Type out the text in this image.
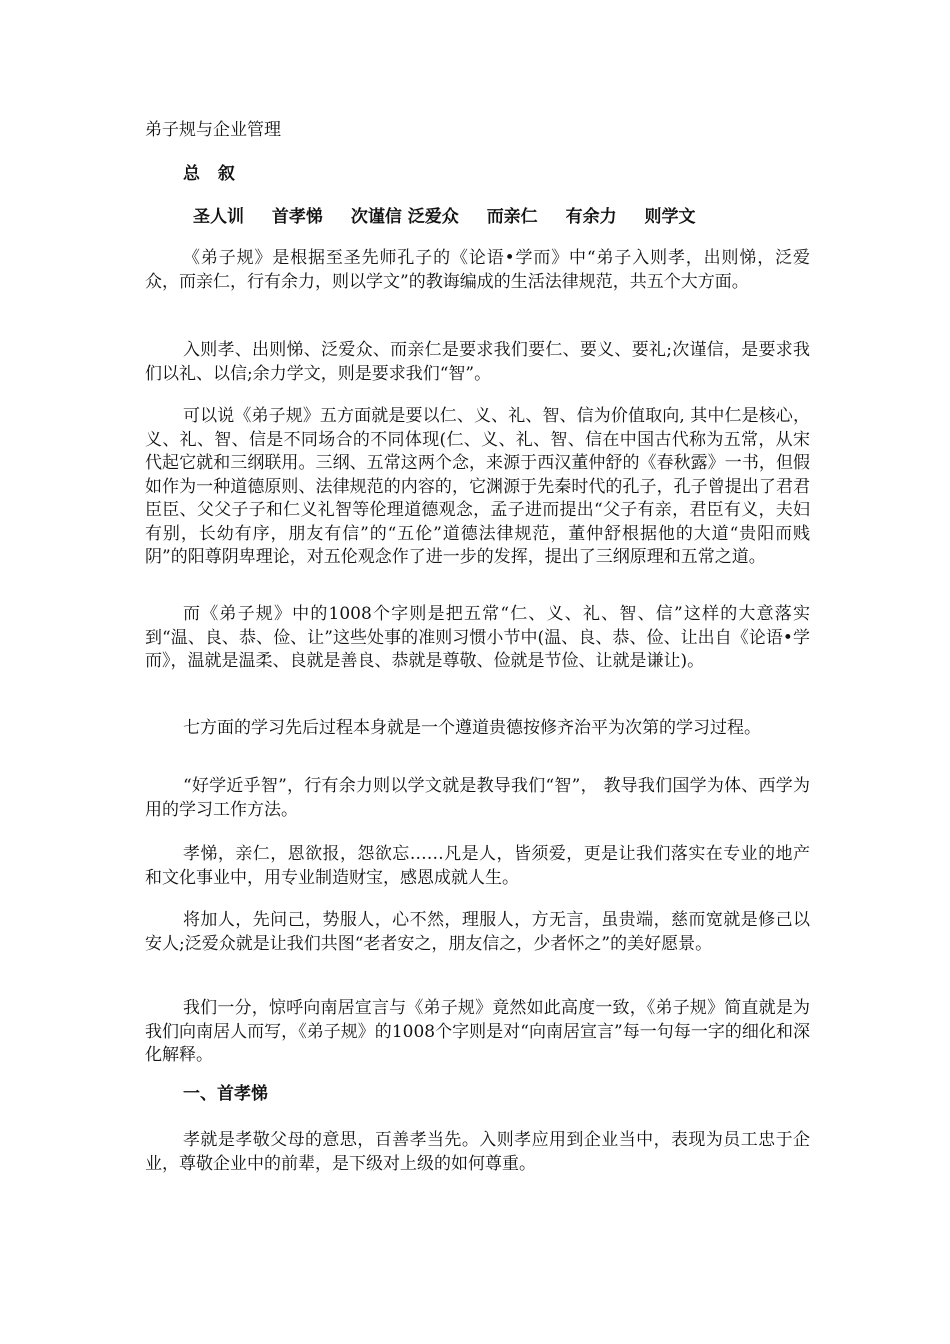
弟子规与企业管理
总 叙
圣人训 首孝悌 次谨信 泛爱众 而亲仁 有余力 则学文

《弟子规》是根据至圣先师孔子的《论语•学而》中“弟子入则孝，出则悌，泛爱众，而亲仁，行有余力，则以学文”的教诲编成的生活法律规范，共五个大方面。

入则孝、出则悌、泛爱众、而亲仁是要求我们要仁、要义、要礼;次谨信，是要求我们以礼、以信;余力学文，则是要求我们“智”。

可以说《弟子规》五方面就是要以仁、义、礼、智、信为价值取向, 其中仁是核心，义、礼、智、信是不同场合的不同体现(仁、义、礼、智、信在中国古代称为五常，从宋代起它就和三纲联用。三纲、五常这两个念，来源于西汉董仲舒的《春秋露》一书，但假如作为一种道德原则、法律规范的内容的，它渊源于先秦时代的孔子，孔子曾提出了君君臣臣、父父子子和仁义礼智等伦理道德观念，孟子进而提出“父子有亲，君臣有义，夫妇有别，长幼有序，朋友有信”的“五伦”道德法律规范，董仲舒根据他的大道“贵阳而贱阴”的阳尊阴卑理论，对五伦观念作了进一步的发挥，提出了三纲原理和五常之道。

而《弟子规》中的1008个字则是把五常“仁、义、礼、智、信”这样的大意落实到“温、良、恭、俭、让”这些处事的准则习惯小节中(温、良、恭、俭、让出自《论语•学而》，温就是温柔、良就是善良、恭就是尊敬、俭就是节俭、让就是谦让)。

七方面的学习先后过程本身就是一个遵道贵德按修齐治平为次第的学习过程。

“好学近乎智”，行有余力则以学文就是教导我们“智”， 教导我们国学为体、西学为用的学习工作方法。

孝悌，亲仁，恩欲报，怨欲忘……凡是人，皆须爱，更是让我们落实在专业的地产和文化事业中，用专业制造财宝，感恩成就人生。

将加人，先问己，势服人，心不然，理服人，方无言，虽贵端，慈而宽就是修己以安人;泛爱众就是让我们共图“老者安之，朋友信之，少者怀之”的美好愿景。

我们一分，惊呼向南居宣言与《弟子规》竟然如此高度一致，《弟子规》简直就是为我们向南居人而写，《弟子规》的1008个字则是对“向南居宣言”每一句每一字的细化和深化解释。

一、首孝悌

孝就是孝敬父母的意思，百善孝当先。入则孝应用到企业当中，表现为员工忠于企业，尊敬企业中的前辈，是下级对上级的如何尊重。
